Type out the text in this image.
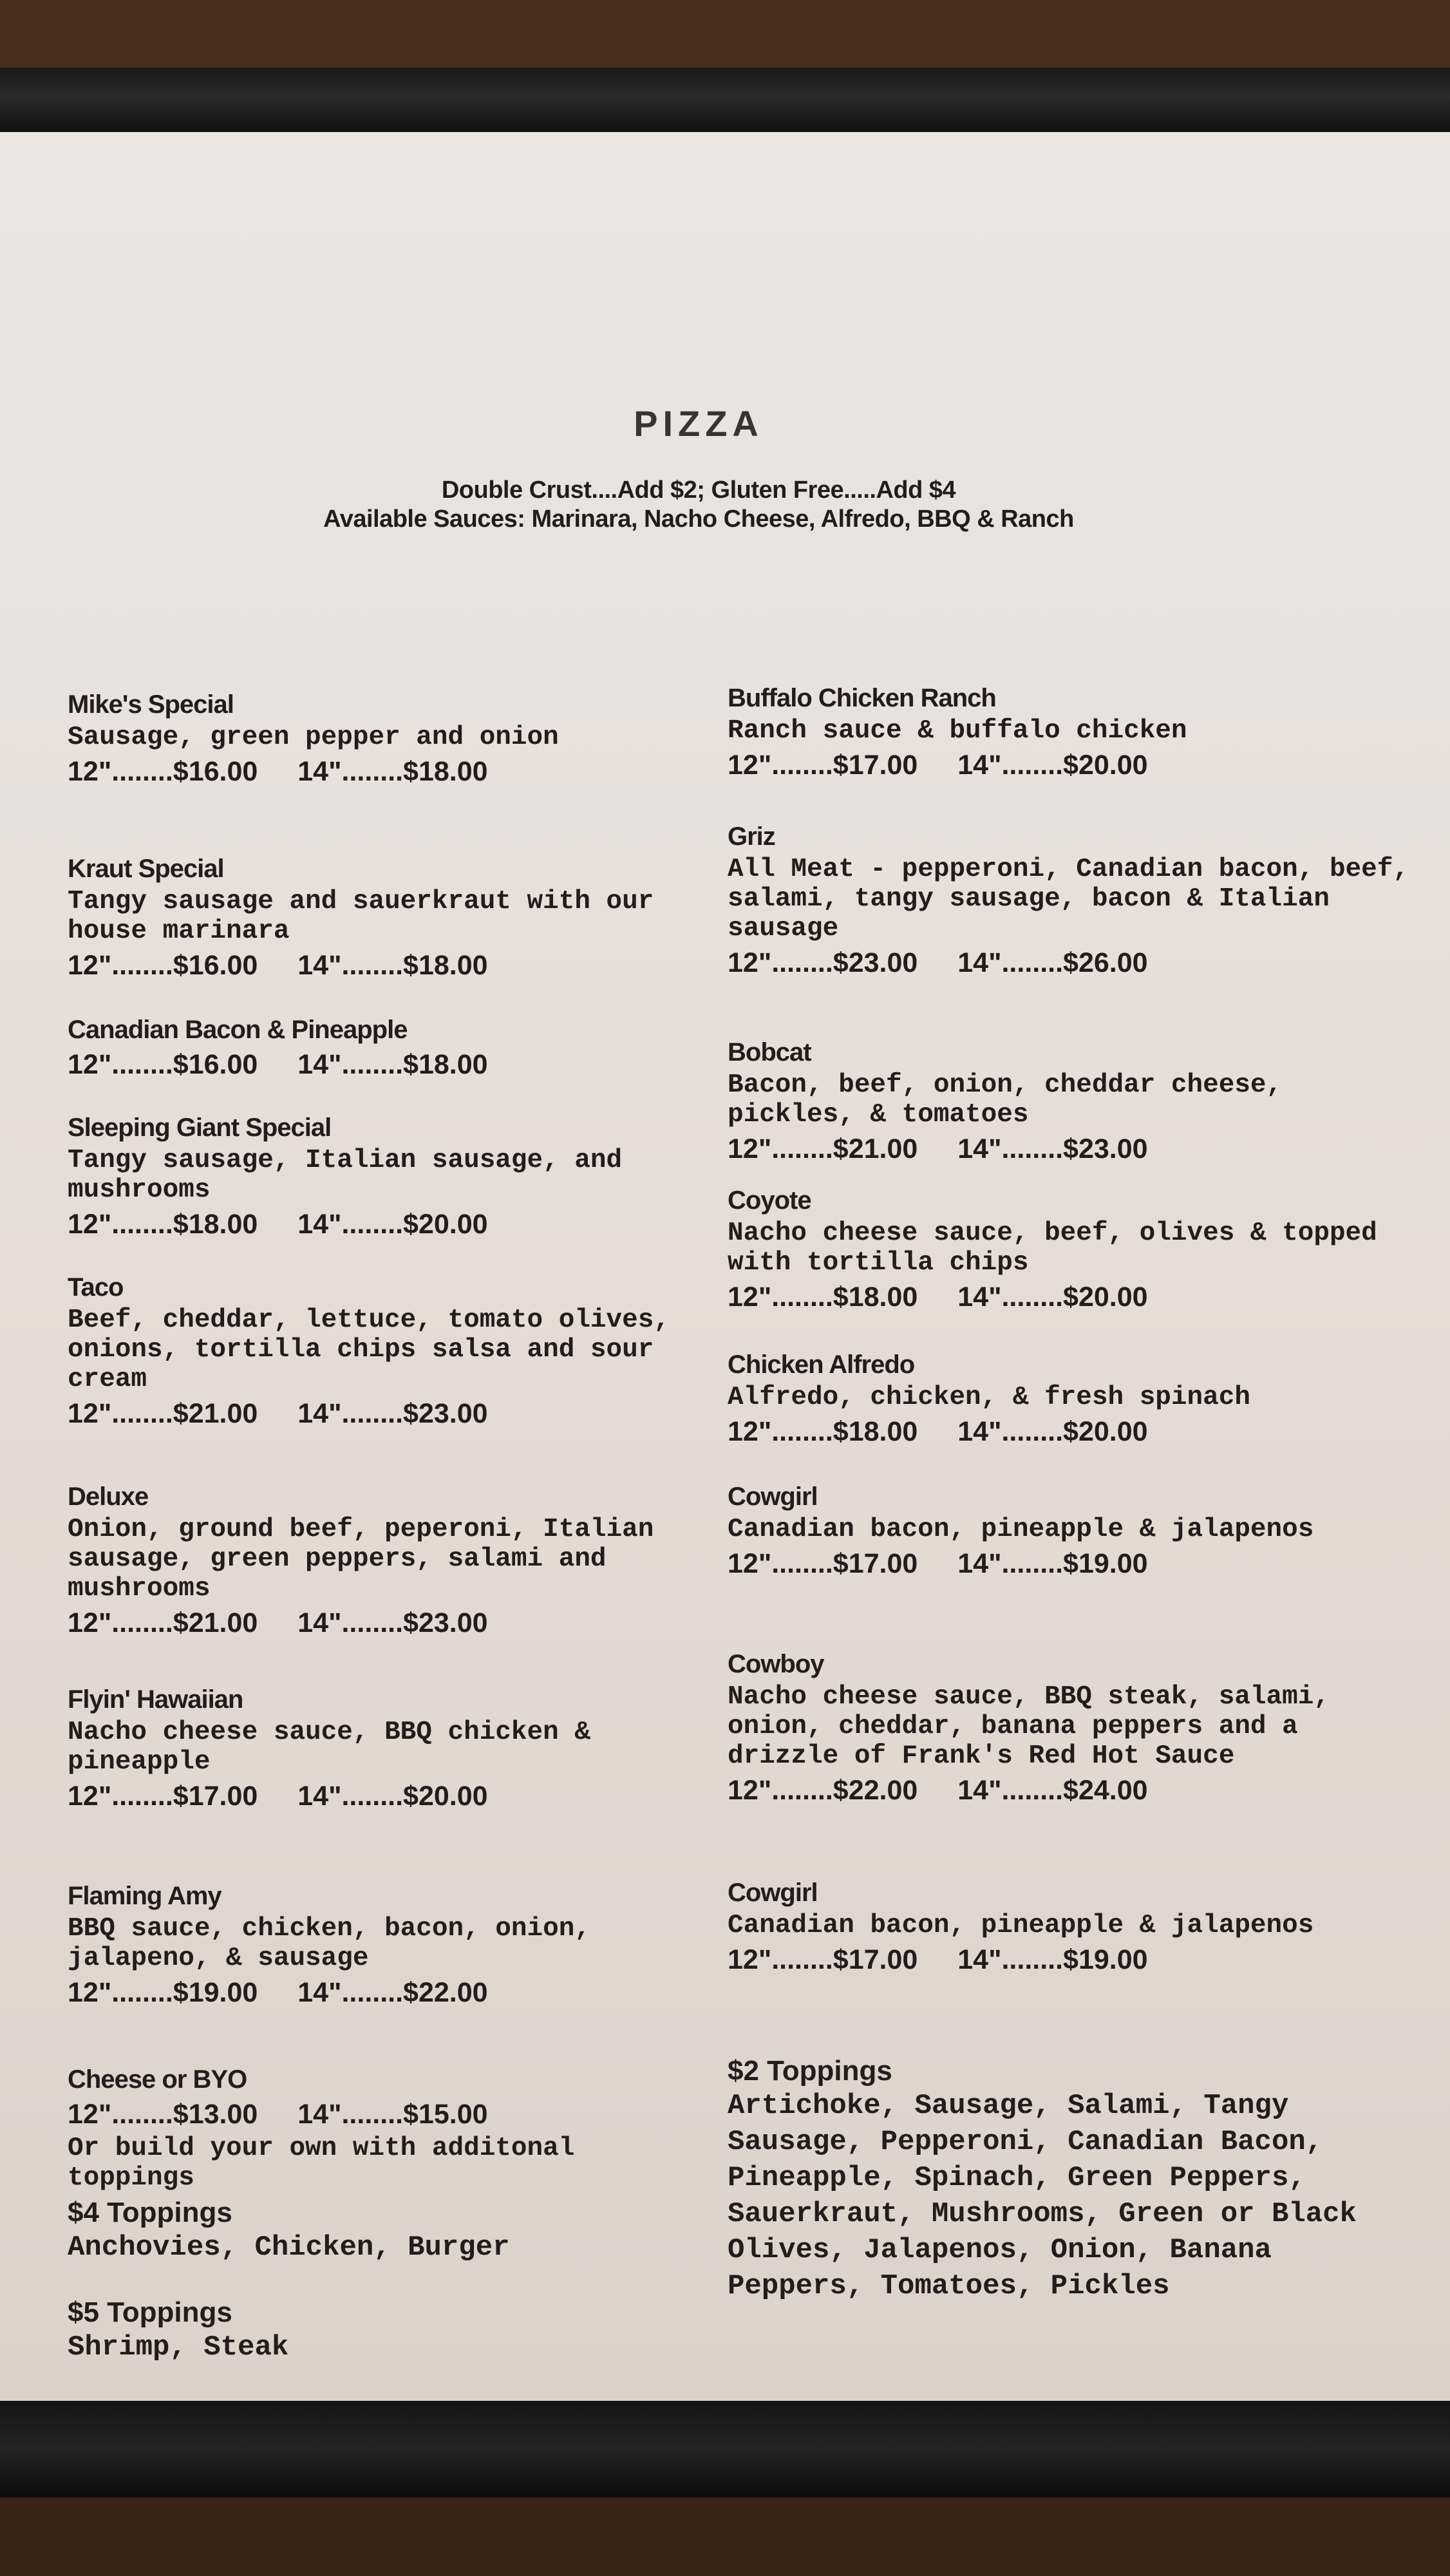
PIZZA
Double Crust....Add $2; Gluten Free.....Add $4
Available Sauces: Marinara, Nacho Cheese, Alfredo, BBQ & Ranch

Mike's Special

Sausage, green pepper and onion

12"........$16.00 14"........$18.00

Kraut Special

Tangy sausage and sauerkraut with our house marinara

12"........$16.00 14"........$18.00

Canadian Bacon & Pineapple

12"........$16.00 14"........$18.00

Sleeping Giant Special

Tangy sausage, Italian sausage, and mushrooms

12"........$18.00 14"........$20.00

Taco

Beef, cheddar, lettuce, tomato olives, onions, tortilla chips salsa and sour cream

12"........$21.00 14"........$23.00

Deluxe

Onion, ground beef, peperoni, Italian sausage, green peppers, salami and mushrooms

12"........$21.00 14"........$23.00

Flyin' Hawaiian

Nacho cheese sauce, BBQ chicken & pineapple

12"........$17.00 14"........$20.00

Flaming Amy

BBQ sauce, chicken, bacon, onion, jalapeno, & sausage

12"........$19.00 14"........$22.00

Cheese or BYO

12"........$13.00 14"........$15.00

Or build your own with additonal toppings

$4 Toppings

Anchovies, Chicken, Burger

$5 Toppings

Shrimp, Steak

Buffalo Chicken Ranch

Ranch sauce & buffalo chicken

12"........$17.00 14"........$20.00

Griz

All Meat - pepperoni, Canadian bacon, beef, salami, tangy sausage, bacon & Italian sausage

12"........$23.00 14"........$26.00

Bobcat

Bacon, beef, onion, cheddar cheese, pickles, & tomatoes

12"........$21.00 14"........$23.00

Coyote

Nacho cheese sauce, beef, olives & topped with tortilla chips

12"........$18.00 14"........$20.00

Chicken Alfredo

Alfredo, chicken, & fresh spinach

12"........$18.00 14"........$20.00

Cowgirl

Canadian bacon, pineapple & jalapenos

12"........$17.00 14"........$19.00

Cowboy

Nacho cheese sauce, BBQ steak, salami, onion, cheddar, banana peppers and a drizzle of Frank's Red Hot Sauce

12"........$22.00 14"........$24.00

Cowgirl

Canadian bacon, pineapple & jalapenos

12"........$17.00 14"........$19.00

$2 Toppings

Artichoke, Sausage, Salami, Tangy Sausage, Pepperoni, Canadian Bacon, Pineapple, Spinach, Green Peppers, Sauerkraut, Mushrooms, Green or Black Olives, Jalapenos, Onion, Banana Peppers, Tomatoes, Pickles
